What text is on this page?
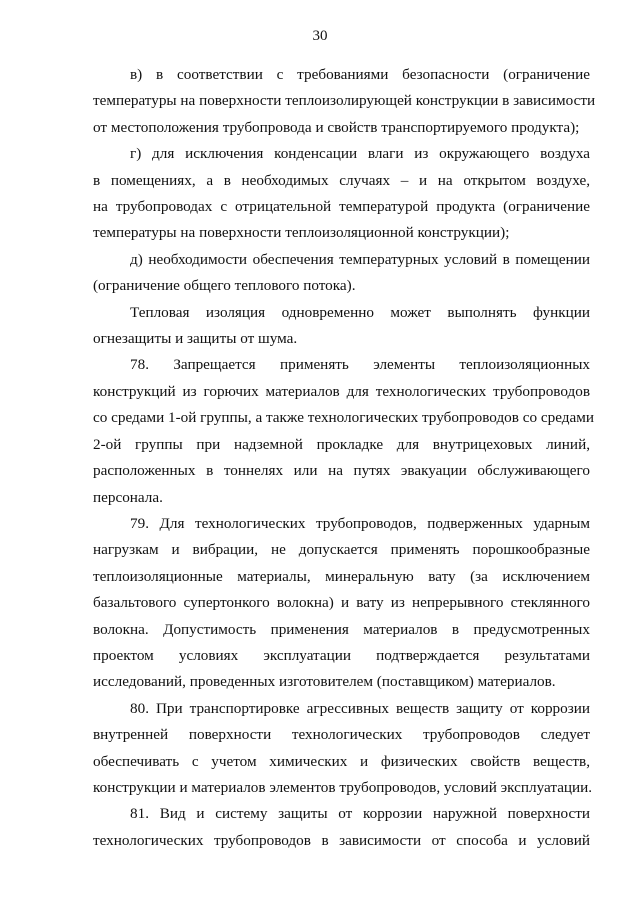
30

в) в соответствии с требованиями безопасности (ограничение
температуры на поверхности теплоизолирующей конструкции в зависимости
от местоположения трубопровода и свойств транспортируемого продукта);

г) для исключения конденсации влаги из окружающего воздуха
в помещениях, а в необходимых случаях – и на открытом воздухе,
на трубопроводах с отрицательной температурой продукта (ограничение
температуры на поверхности теплоизоляционной конструкции);

д) необходимости обеспечения температурных условий в помещении
(ограничение общего теплового потока).

Тепловая изоляция одновременно может выполнять функции
огнезащиты и защиты от шума.

78. Запрещается применять элементы теплоизоляционных
конструкций из горючих материалов для технологических трубопроводов
со средами 1-ой группы, а также технологических трубопроводов со средами
2-ой группы при надземной прокладке для внутрицеховых линий,
расположенных в тоннелях или на путях эвакуации обслуживающего
персонала.

79. Для технологических трубопроводов, подверженных ударным
нагрузкам и вибрации, не допускается применять порошкообразные
теплоизоляционные материалы, минеральную вату (за исключением
базальтового супертонкого волокна) и вату из непрерывного стеклянного
волокна. Допустимость применения материалов в предусмотренных
проектом условиях эксплуатации подтверждается результатами
исследований, проведенных изготовителем (поставщиком) материалов.

80. При транспортировке агрессивных веществ защиту от коррозии
внутренней поверхности технологических трубопроводов следует
обеспечивать с учетом химических и физических свойств веществ,
конструкции и материалов элементов трубопроводов, условий эксплуатации.

81. Вид и систему защиты от коррозии наружной поверхности
технологических трубопроводов в зависимости от способа и условий
